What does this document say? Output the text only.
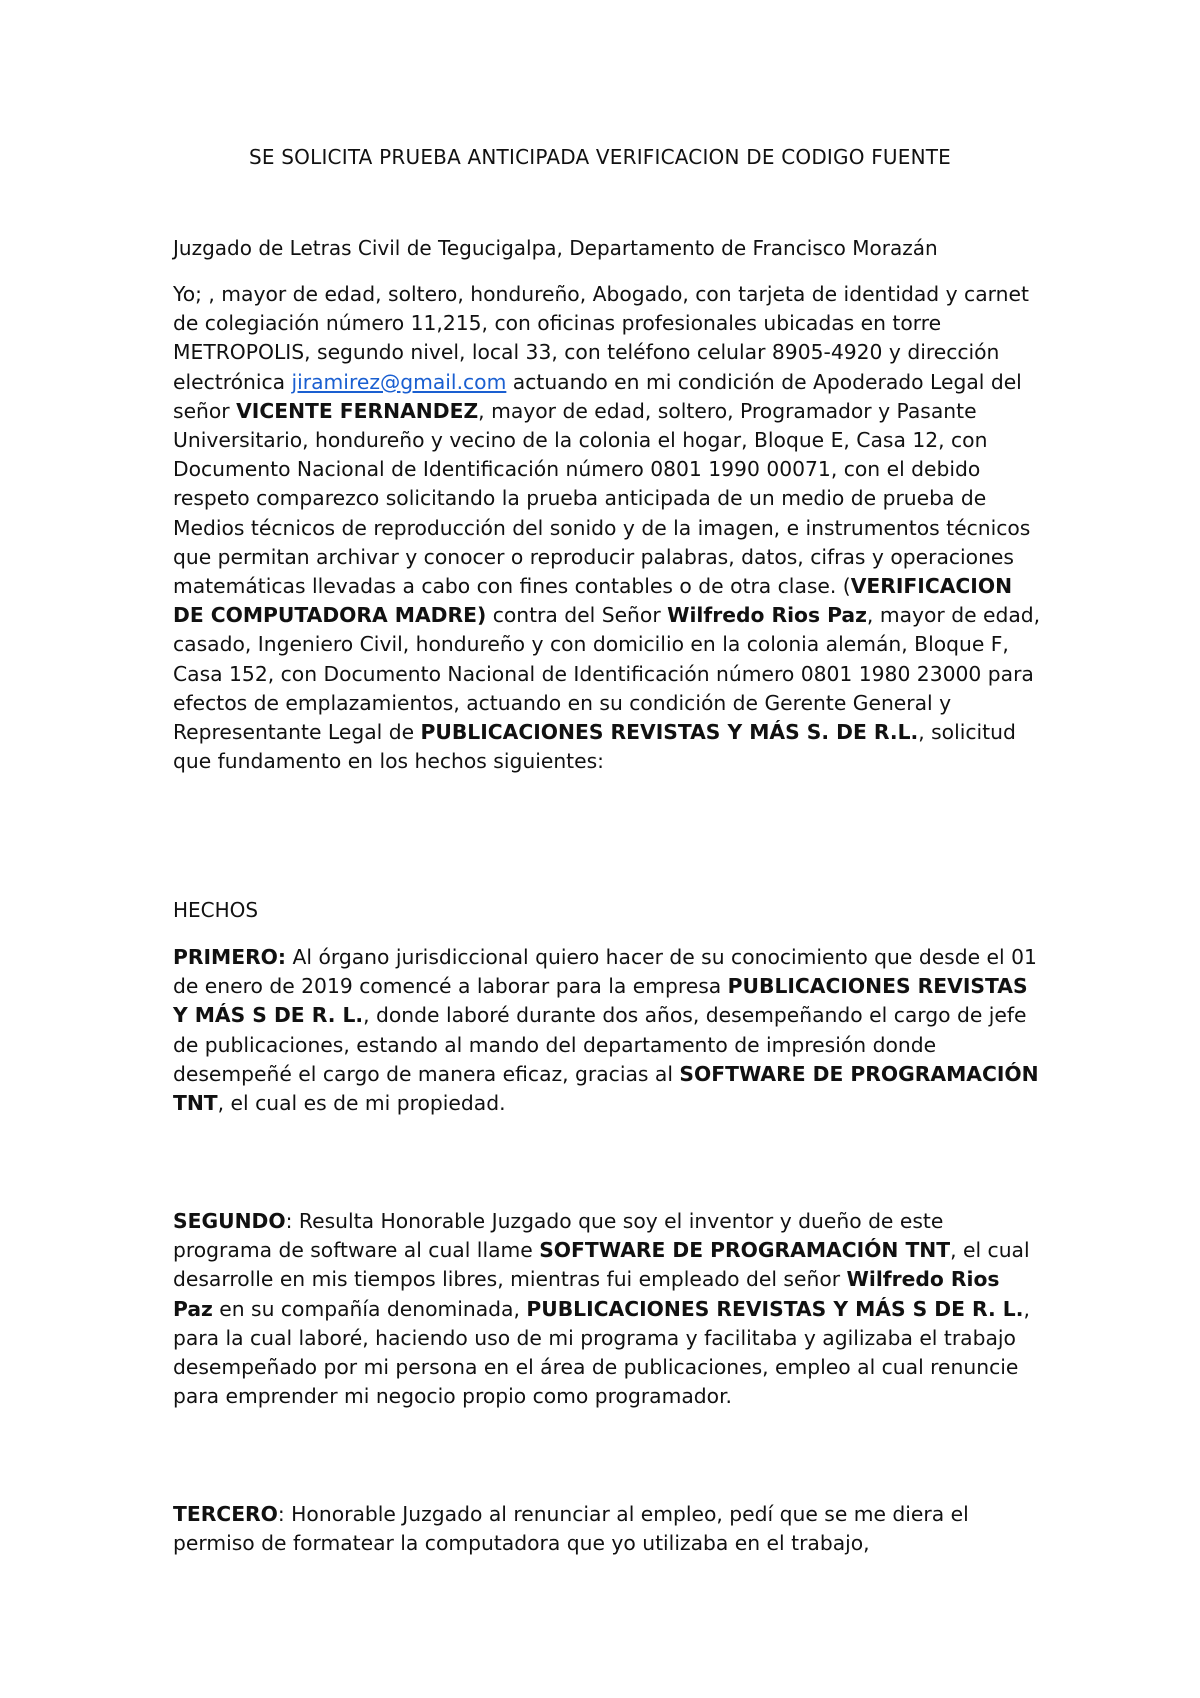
SE SOLICITA PRUEBA ANTICIPADA VERIFICACION DE CODIGO FUENTE
Juzgado de Letras Civil de Tegucigalpa, Departamento de Francisco Morazán
Yo; , mayor de edad, soltero, hondureño, Abogado, con tarjeta de identidad y carnet de colegiación número 11,215, con oficinas profesionales ubicadas en torre METROPOLIS, segundo nivel, local 33, con teléfono celular 8905-4920 y dirección electrónica jiramirez@gmail.com actuando en mi condición de Apoderado Legal del señor VICENTE FERNANDEZ, mayor de edad, soltero, Programador y Pasante Universitario, hondureño y vecino de la colonia el hogar, Bloque E, Casa 12, con Documento Nacional de Identificación número 0801 1990 00071, con el debido respeto comparezco solicitando la prueba anticipada de un medio de prueba de Medios técnicos de reproducción del sonido y de la imagen, e instrumentos técnicos que permitan archivar y conocer o reproducir palabras, datos, cifras y operaciones matemáticas llevadas a cabo con fines contables o de otra clase. (VERIFICACION DE COMPUTADORA MADRE) contra del Señor Wilfredo Rios Paz, mayor de edad, casado, Ingeniero Civil, hondureño y con domicilio en la colonia alemán, Bloque F, Casa 152, con Documento Nacional de Identificación número 0801 1980 23000 para efectos de emplazamientos, actuando en su condición de Gerente General y Representante Legal de PUBLICACIONES REVISTAS Y MÁS S. DE R.L., solicitud que fundamento en los hechos siguientes:
HECHOS
PRIMERO: Al órgano jurisdiccional quiero hacer de su conocimiento que desde el 01 de enero de 2019 comencé a laborar para la empresa PUBLICACIONES REVISTAS Y MÁS S DE R. L., donde laboré durante dos años, desempeñando el cargo de jefe de publicaciones, estando al mando del departamento de impresión donde desempeñé el cargo de manera eficaz, gracias al SOFTWARE DE PROGRAMACIÓN TNT, el cual es de mi propiedad.
SEGUNDO: Resulta Honorable Juzgado que soy el inventor y dueño de este programa de software al cual llame SOFTWARE DE PROGRAMACIÓN TNT, el cual desarrolle en mis tiempos libres, mientras fui empleado del señor Wilfredo Rios Paz en su compañía denominada, PUBLICACIONES REVISTAS Y MÁS S DE R. L., para la cual laboré, haciendo uso de mi programa y facilitaba y agilizaba el trabajo desempeñado por mi persona en el área de publicaciones, empleo al cual renuncie para emprender mi negocio propio como programador.
TERCERO: Honorable Juzgado al renunciar al empleo, pedí que se me diera el permiso de formatear la computadora que yo utilizaba en el trabajo,
